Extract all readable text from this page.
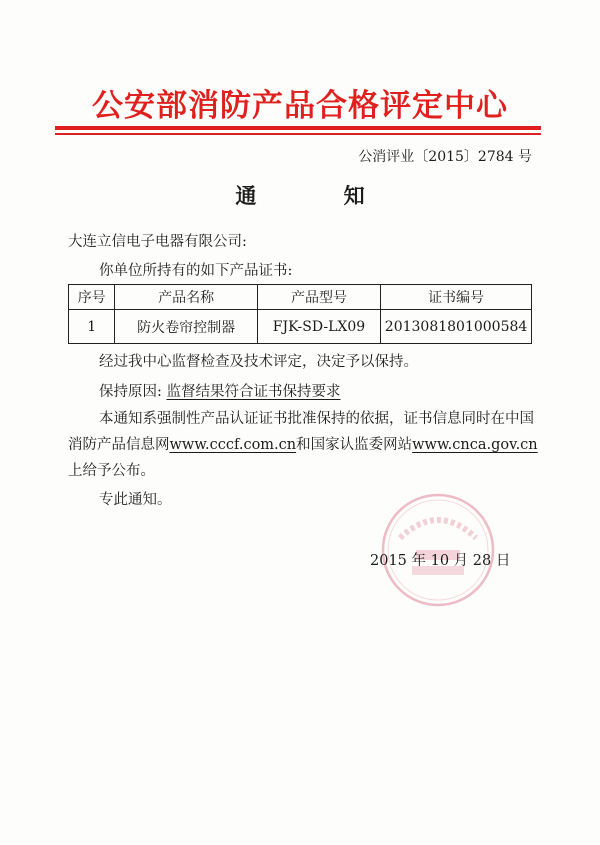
公安部消防产品合格评定中心
公消评业〔2015〕2784 号
通 知
大连立信电子电器有限公司:
你单位所持有的如下产品证书:
序号	产品名称	产品型号	证书编号
1	防火卷帘控制器	FJK-SD-LX09	2013081801000584
经过我中心监督检查及技术评定，决定予以保持。
保持原因: 监督结果符合证书保持要求
本通知系强制性产品认证证书批准保持的依据，证书信息同时在中国
消防产品信息网www.cccf.com.cn和国家认监委网站www.cnca.gov.cn
上给予公布。
专此通知。
2015 年 10 月 28 日
